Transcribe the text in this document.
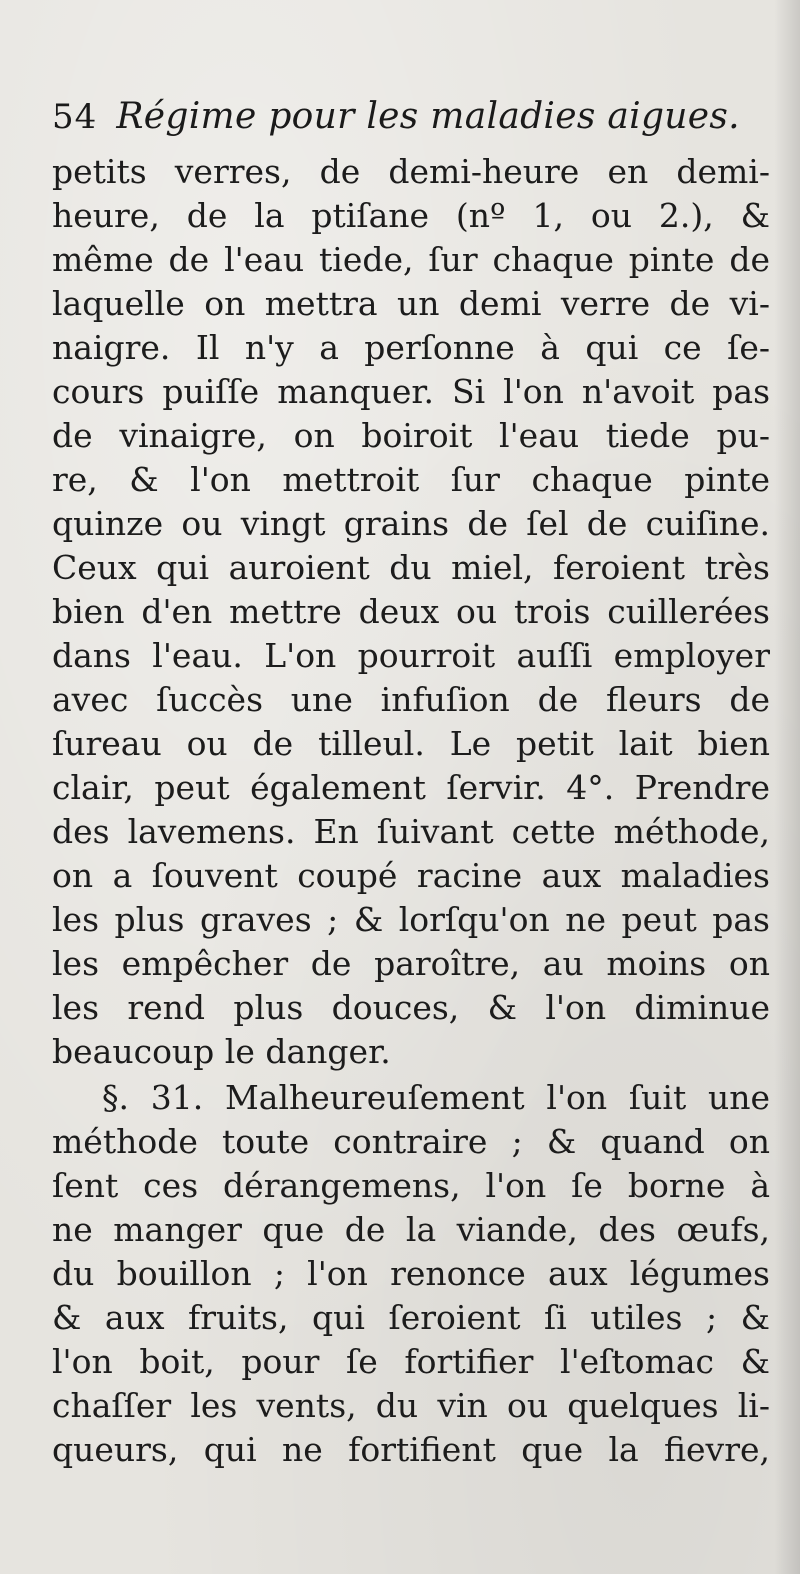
54 Régime pour les maladies aigues.
petits verres, de demi-heure en demi-
heure, de la ptiſane (nº 1, ou 2.), &
même de l'eau tiede, ſur chaque pinte de
laquelle on mettra un demi verre de vi-
naigre. Il n'y a perſonne à qui ce ſe-
cours puiſſe manquer. Si l'on n'avoit pas
de vinaigre, on boiroit l'eau tiede pu-
re, & l'on mettroit ſur chaque pinte
quinze ou vingt grains de ſel de cuiſine.
Ceux qui auroient du miel, feroient très
bien d'en mettre deux ou trois cuillerées
dans l'eau. L'on pourroit auſſi employer
avec ſuccès une infuſion de fleurs de
ſureau ou de tilleul. Le petit lait bien
clair, peut également ſervir. 4°. Prendre
des lavemens. En ſuivant cette méthode,
on a ſouvent coupé racine aux maladies
les plus graves ; & lorſqu'on ne peut pas
les empêcher de paroître, au moins on
les rend plus douces, & l'on diminue
beaucoup le danger.
§. 31. Malheureuſement l'on ſuit une
méthode toute contraire ; & quand on
ſent ces dérangemens, l'on ſe borne à
ne manger que de la viande, des œufs,
du bouillon ; l'on renonce aux légumes
& aux fruits, qui ſeroient ſi utiles ; &
l'on boit, pour ſe fortifier l'eſtomac &
chaſſer les vents, du vin ou quelques li-
queurs, qui ne fortifient que la fievre,
